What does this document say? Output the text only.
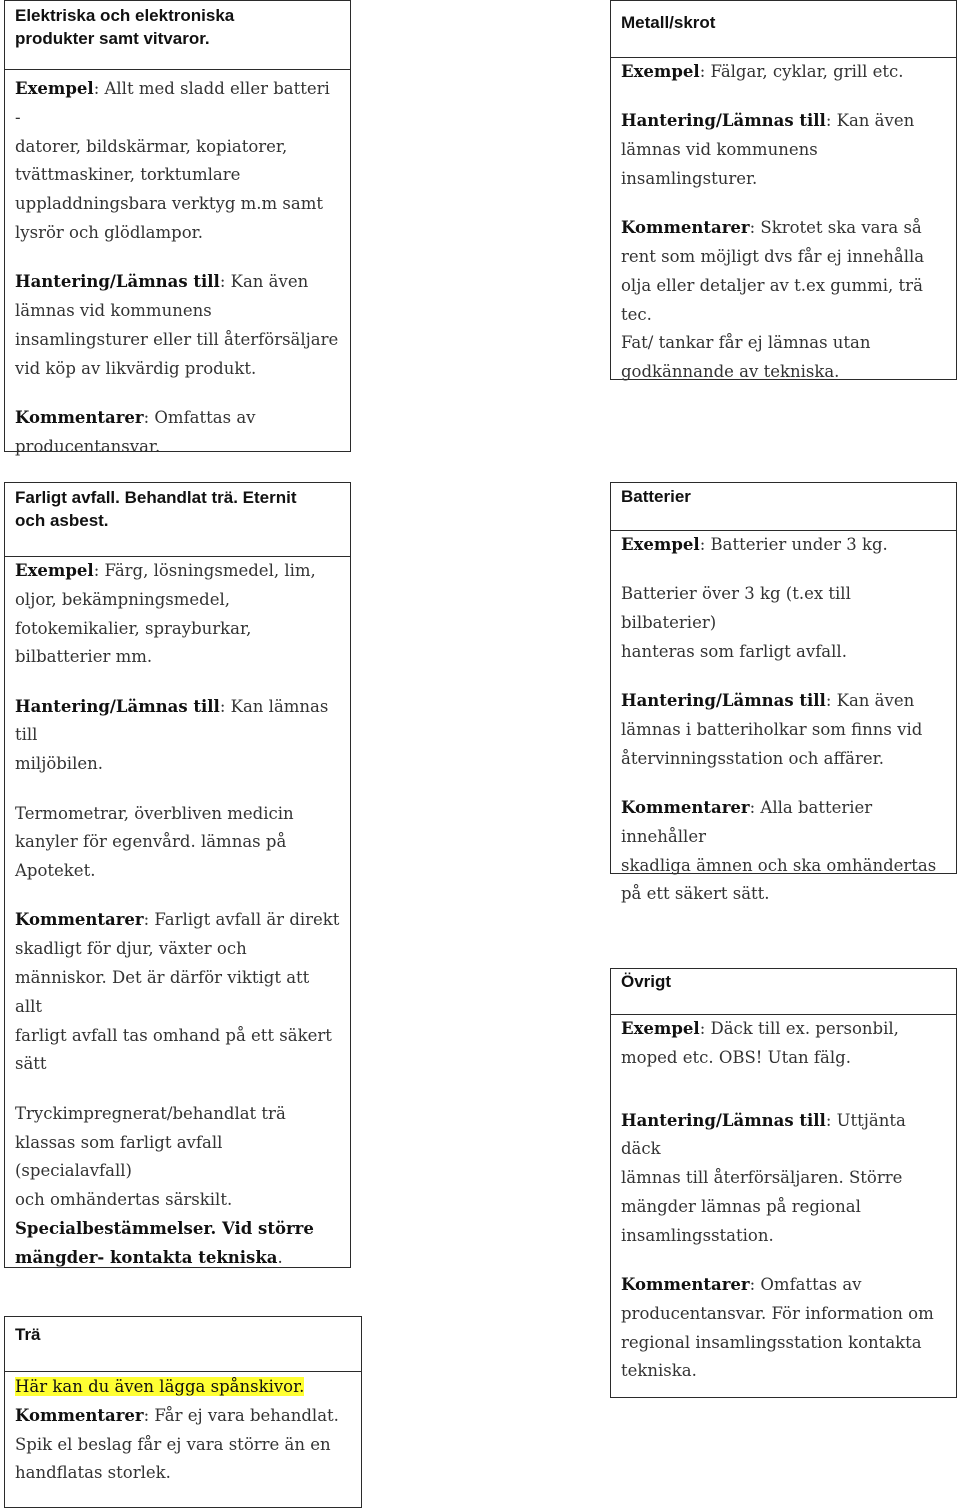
Elektriska och elektroniska
produkter samt vitvaror.

Exempel: Allt med sladd eller batteri -

datorer, bildskärmar, kopiatorer,

tvättmaskiner, torktumlare

uppladdningsbara verktyg m.m samt

lysrör och glödlampor.

Hantering/Lämnas till: Kan även

lämnas vid kommunens

insamlingsturer eller till återförsäljare

vid köp av likvärdig produkt.

Kommentarer: Omfattas av

producentansvar.

Metall/skrot

Exempel: Fälgar, cyklar, grill etc.

Hantering/Lämnas till: Kan även

lämnas vid kommunens

insamlingsturer.

Kommentarer: Skrotet ska vara så

rent som möjligt dvs får ej innehålla

olja eller detaljer av t.ex gummi, trä tec.

Fat/ tankar får ej lämnas utan

godkännande av tekniska.

Farligt avfall. Behandlat trä. Eternit
och asbest.

Exempel: Färg, lösningsmedel, lim,

oljor, bekämpningsmedel,

fotokemikalier, sprayburkar,

bilbatterier mm.

Hantering/Lämnas till: Kan lämnas till

miljöbilen.

Termometrar, överbliven medicin

kanyler för egenvård. lämnas på

Apoteket.

Kommentarer: Farligt avfall är direkt

skadligt för djur, växter och

människor. Det är därför viktigt att allt

farligt avfall tas omhand på ett säkert

sätt

Tryckimpregnerat/behandlat trä

klassas som farligt avfall (specialavfall)

och omhändertas särskilt.

Specialbestämmelser. Vid större

mängder- kontakta tekniska.

Batterier

Exempel: Batterier under 3 kg.

Batterier över 3 kg (t.ex till bilbaterier)

hanteras som farligt avfall.

Hantering/Lämnas till: Kan även

lämnas i batteriholkar som finns vid

återvinningsstation och affärer.

Kommentarer: Alla batterier innehåller

skadliga ämnen och ska omhändertas

på ett säkert sätt.

Övrigt

Exempel: Däck till ex. personbil,

moped etc. OBS! Utan fälg.

Hantering/Lämnas till: Uttjänta däck

lämnas till återförsäljaren. Större

mängder lämnas på regional

insamlingsstation.

Kommentarer: Omfattas av

producentansvar. För information om

regional insamlingsstation kontakta

tekniska.

Trä

Här kan du även lägga spånskivor.

Kommentarer: Får ej vara behandlat.

Spik el beslag får ej vara större än en

handflatas storlek.
